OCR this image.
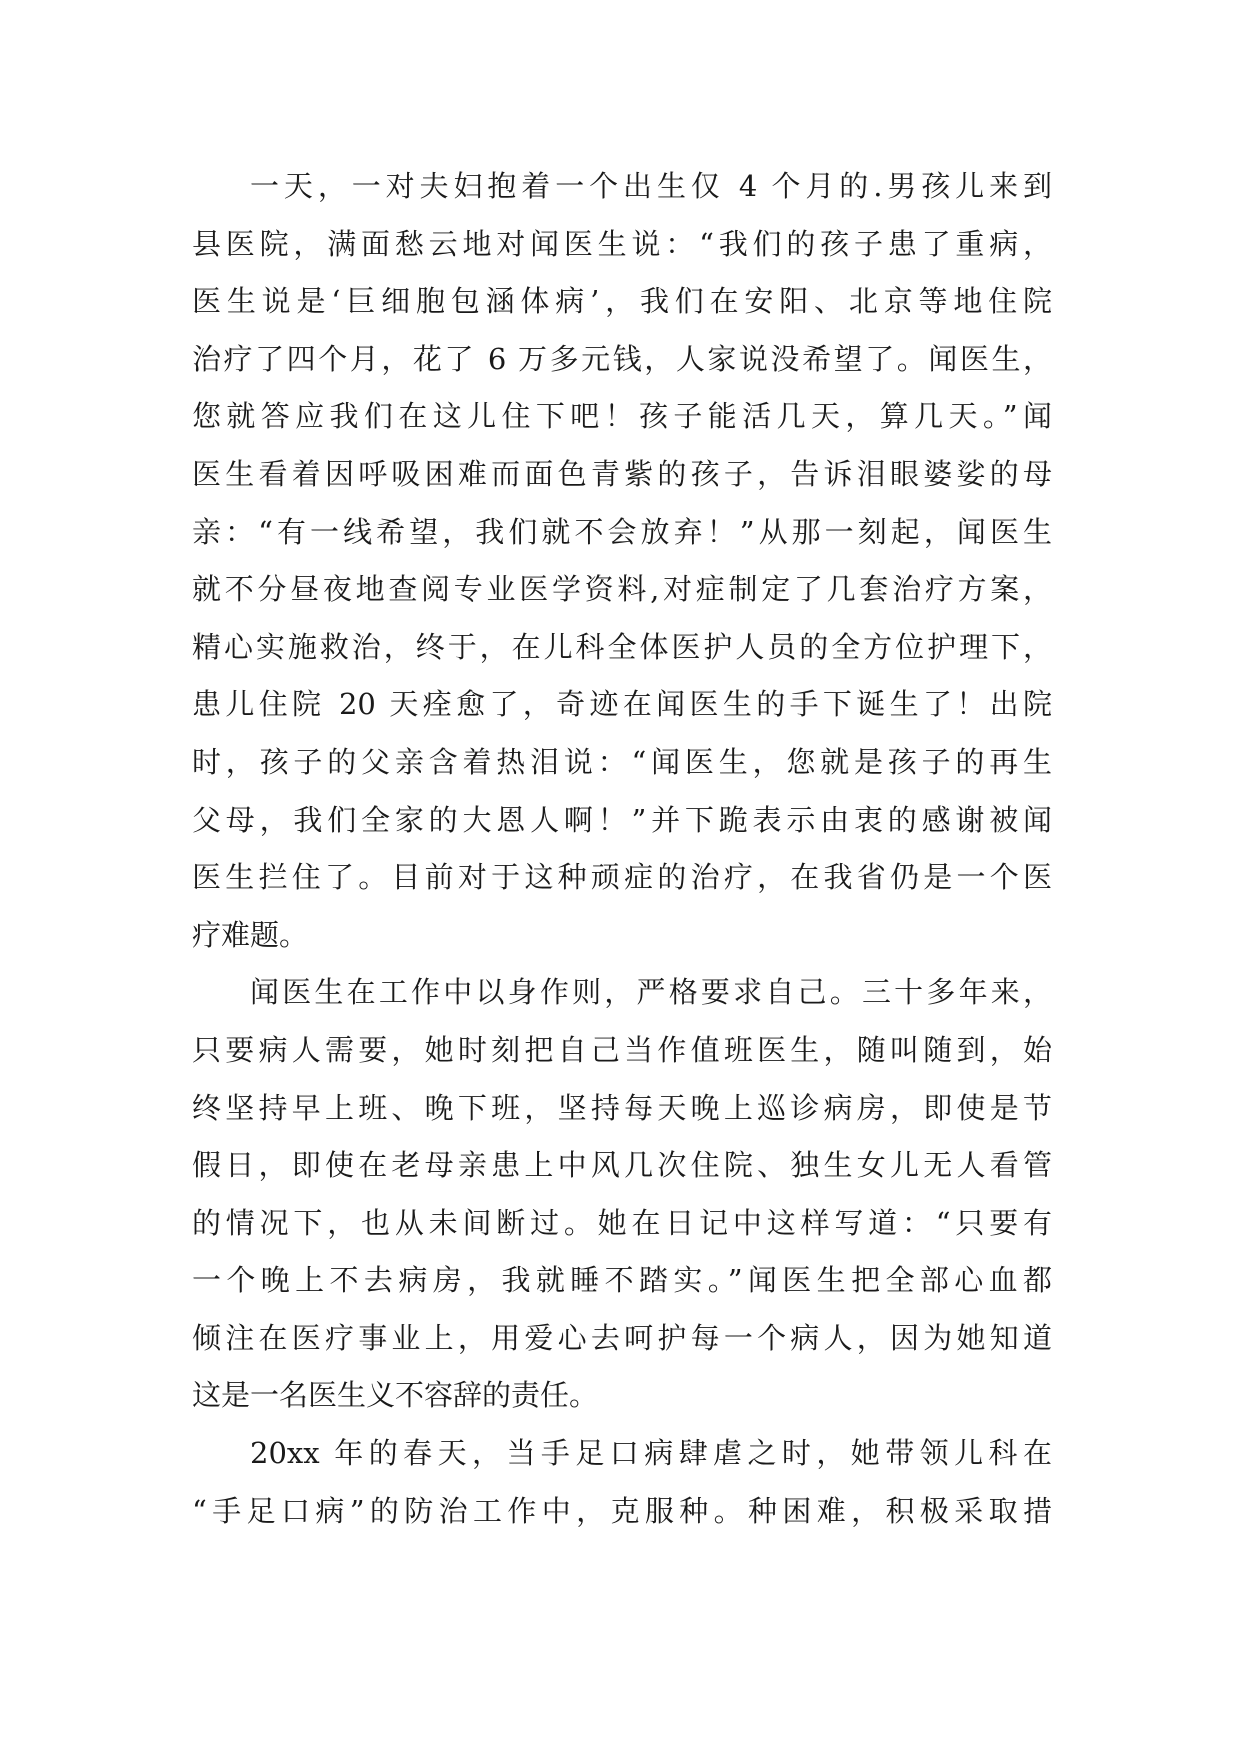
一天，一对夫妇抱着一个出生仅 4 个月的.男孩儿来到
县医院，满面愁云地对闻医生说：“我们的孩子患了重病，
医生说是‘巨细胞包涵体病’，我们在安阳、北京等地住院
治疗了四个月，花了 6 万多元钱，人家说没希望了。闻医生，
您就答应我们在这儿住下吧！孩子能活几天，算几天。”闻
医生看着因呼吸困难而面色青紫的孩子，告诉泪眼婆娑的母
亲：“有一线希望，我们就不会放弃！”从那一刻起，闻医生
就不分昼夜地查阅专业医学资料,对症制定了几套治疗方案，
精心实施救治，终于，在儿科全体医护人员的全方位护理下，
患儿住院 20 天痊愈了，奇迹在闻医生的手下诞生了！出院
时，孩子的父亲含着热泪说：“闻医生，您就是孩子的再生
父母，我们全家的大恩人啊！”并下跪表示由衷的感谢被闻
医生拦住了。目前对于这种顽症的治疗，在我省仍是一个医
疗难题。
闻医生在工作中以身作则，严格要求自己。三十多年来，
只要病人需要，她时刻把自己当作值班医生，随叫随到，始
终坚持早上班、晚下班，坚持每天晚上巡诊病房，即使是节
假日，即使在老母亲患上中风几次住院、独生女儿无人看管
的情况下，也从未间断过。她在日记中这样写道：“只要有
一个晚上不去病房，我就睡不踏实。”闻医生把全部心血都
倾注在医疗事业上，用爱心去呵护每一个病人，因为她知道
这是一名医生义不容辞的责任。
20xx 年的春天，当手足口病肆虐之时，她带领儿科在
“手足口病”的防治工作中，克服种。种困难，积极采取措
